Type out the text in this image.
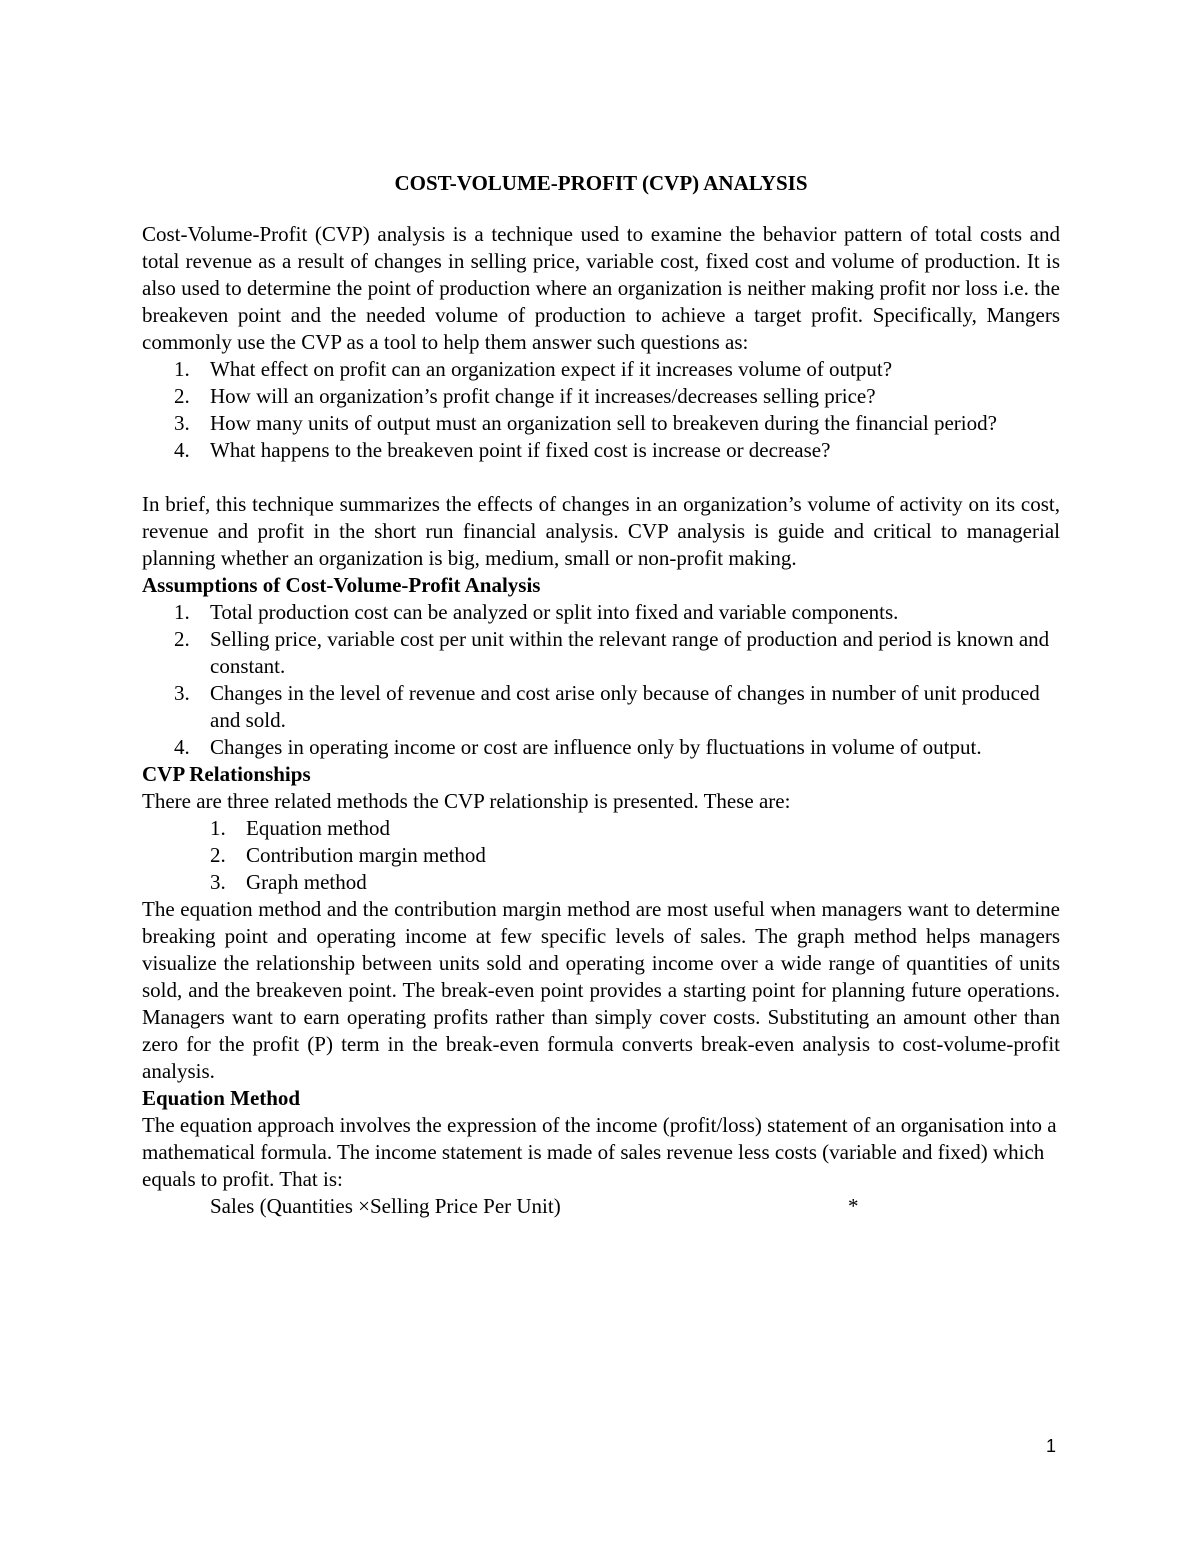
COST-VOLUME-PROFIT (CVP) ANALYSIS

Cost-Volume-Profit (CVP) analysis is a technique used to examine the behavior pattern of total costs and total revenue as a result of changes in selling price, variable cost, fixed cost and volume of production. It is also used to determine the point of production where an organization is neither making profit nor loss i.e. the breakeven point and the needed volume of production to achieve a target profit. Specifically, Mangers commonly use the CVP as a tool to help them answer such questions as:

1. What effect on profit can an organization expect if it increases volume of output?
2. How will an organization’s profit change if it increases/decreases selling price?
3. How many units of output must an organization sell to breakeven during the financial period?
4. What happens to the breakeven point if fixed cost is increase or decrease?

In brief, this technique summarizes the effects of changes in an organization’s volume of activity on its cost, revenue and profit in the short run financial analysis. CVP analysis is guide and critical to managerial planning whether an organization is big, medium, small or non-profit making.

Assumptions of Cost-Volume-Profit Analysis

1. Total production cost can be analyzed or split into fixed and variable components.
2. Selling price, variable cost per unit within the relevant range of production and period is known and constant.
3. Changes in the level of revenue and cost arise only because of changes in number of unit produced and sold.
4. Changes in operating income or cost are influence only by fluctuations in volume of output.

CVP Relationships

There are three related methods the CVP relationship is presented. These are:

1. Equation method
2. Contribution margin method
3. Graph method

The equation method and the contribution margin method are most useful when managers want to determine breaking point and operating income at few specific levels of sales. The graph method helps managers visualize the relationship between units sold and operating income over a wide range of quantities of units sold, and the breakeven point. The break-even point provides a starting point for planning future operations. Managers want to earn operating profits rather than simply cover costs. Substituting an amount other than zero for the profit (P) term in the break-even formula converts break-even analysis to cost-volume-profit analysis.

Equation Method

The equation approach involves the expression of the income (profit/loss) statement of an organisation into a mathematical formula. The income statement is made of sales revenue less costs (variable and fixed) which equals to profit. That is:

Sales (Quantities ×Selling Price Per Unit)	*
1
